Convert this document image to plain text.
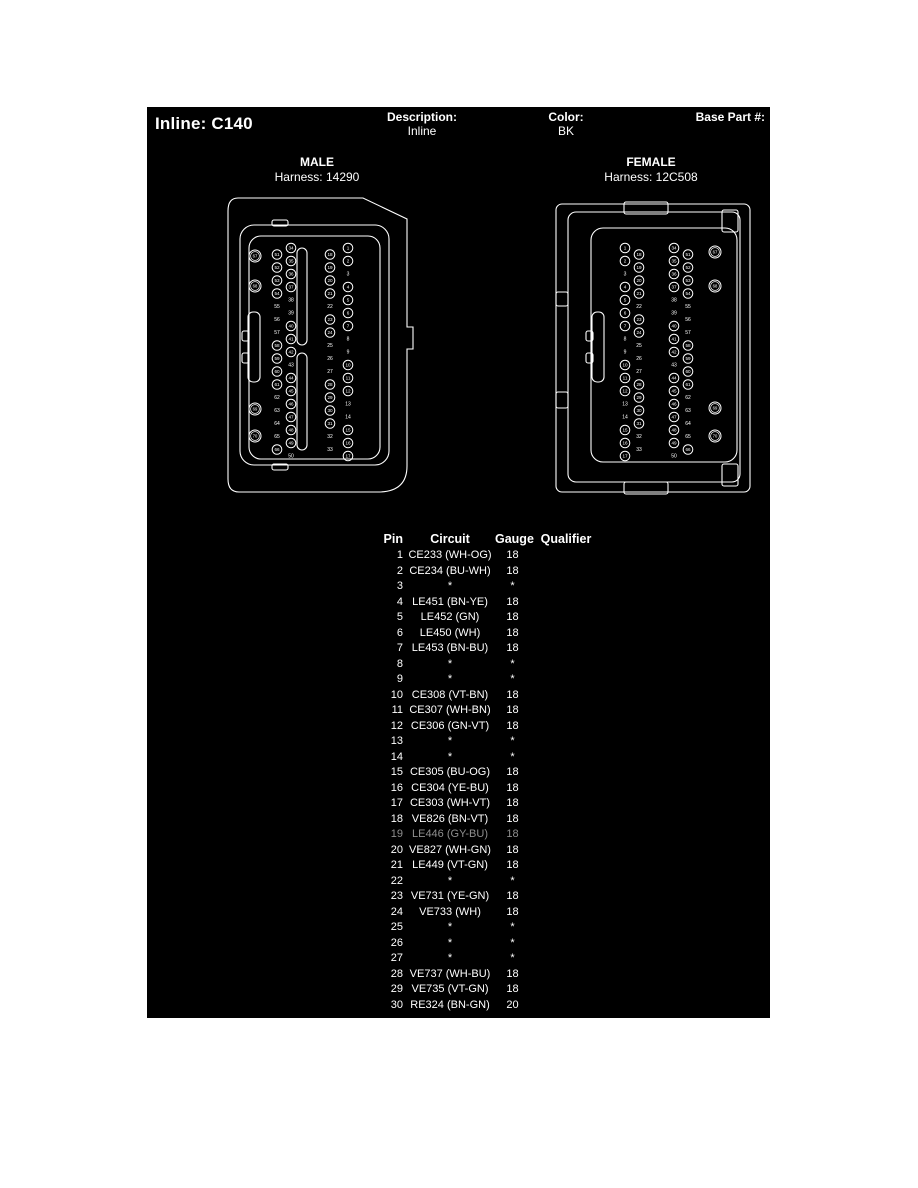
Inline: C140	Description:
Inline
Color:
BK
Base Part #:
MALE
Harness: 14290
FEMALE
Harness: 12C508
1
2
3
4
5
6
7
8
9
10
11
12
13
14
15
16
17
18
19
20
21
22
23
24
25
26
27
28
29
30
31
32
33
34
35
36
37
38
39
40
41
42
43
44
45
46
47
48
49
50
51
52
53
54
55
56
57
58
59
60
61
62
63
64
65
66
67
68
69
70
1
2
3
4
5
6
7
8
9
10
11
12
13
14
15
16
17
18
19
20
21
22
23
24
25
26
27
28
29
30
31
32
33
34
35
36
37
38
39
40
41
42
43
44
45
46
47
48
49
50
51
52
53
54
55
56
57
58
59
60
61
62
63
64
65
66
67
68
69
70
Pin	Circuit	Gauge Qualifier
1 CE233 (WH-OG)	18
2 CE234 (BU-WH)	18
3	*	*
4 LE451 (BN-YE)	18
5	LE452 (GN)	18
6	LE450 (WH)	18
7 LE453 (BN-BU)	18
8	*	*
9	*	*
10 CE308 (VT-BN)	18
11 CE307 (WH-BN)	18
12 CE306 (GN-VT)	18
13	*	*
14	*	*
15 CE305 (BU-OG)	18
16 CE304 (YE-BU)	18
17 CE303 (WH-VT)	18
18 VE826 (BN-VT)	18
19 LE446 (GY-BU)	18
20 VE827 (WH-GN)	18
21 LE449 (VT-GN)	18
22	*	*
23 VE731 (YE-GN)	18
24	VE733 (WH)	18
25	*	*
26	*	*
27	*	*
28 VE737 (WH-BU)	18
29 VE735 (VT-GN)	18
30 RE324 (BN-GN)	20
